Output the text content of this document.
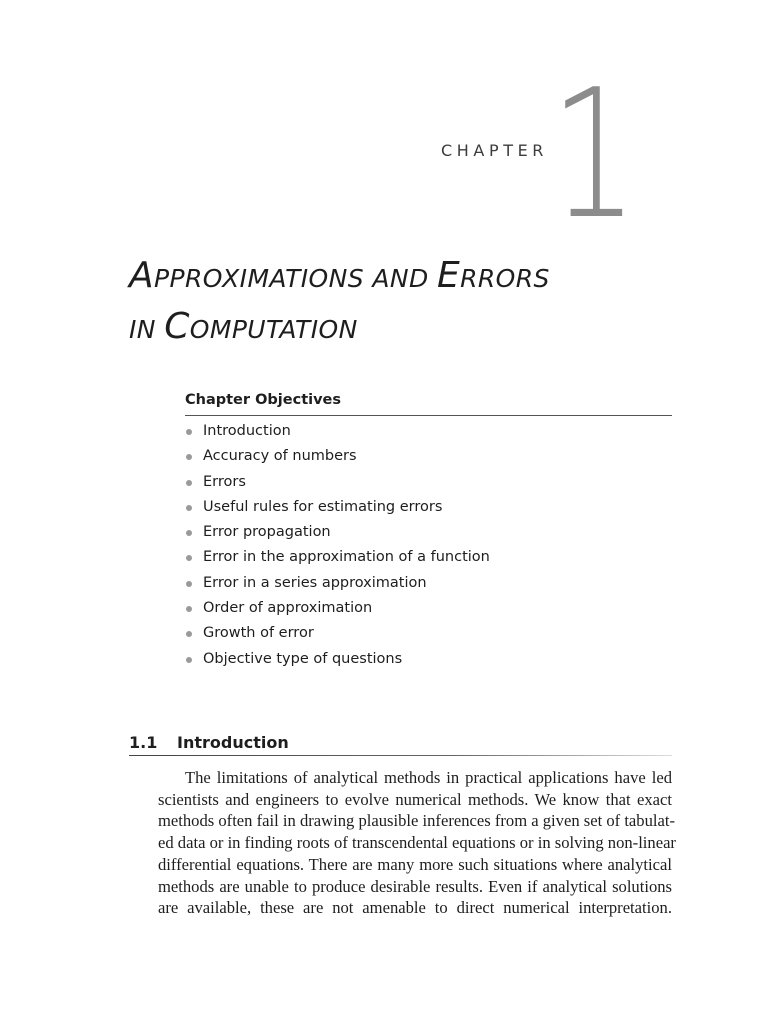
CHAPTER 1
APPROXIMATIONS AND ERRORS
IN COMPUTATION
Chapter Objectives
Introduction
Accuracy of numbers
Errors
Useful rules for estimating errors
Error propagation
Error in the approximation of a function
Error in a series approximation
Order of approximation
Growth of error
Objective type of questions
1.1 Introduction
The limitations of analytical methods in practical applications have led
scientists and engineers to evolve numerical methods. We know that exact
methods often fail in drawing plausible inferences from a given set of tabulat-
ed data or in finding roots of transcendental equations or in solving non-linear
differential equations. There are many more such situations where analytical
methods are unable to produce desirable results. Even if analytical solutions
are available, these are not amenable to direct numerical interpretation.
